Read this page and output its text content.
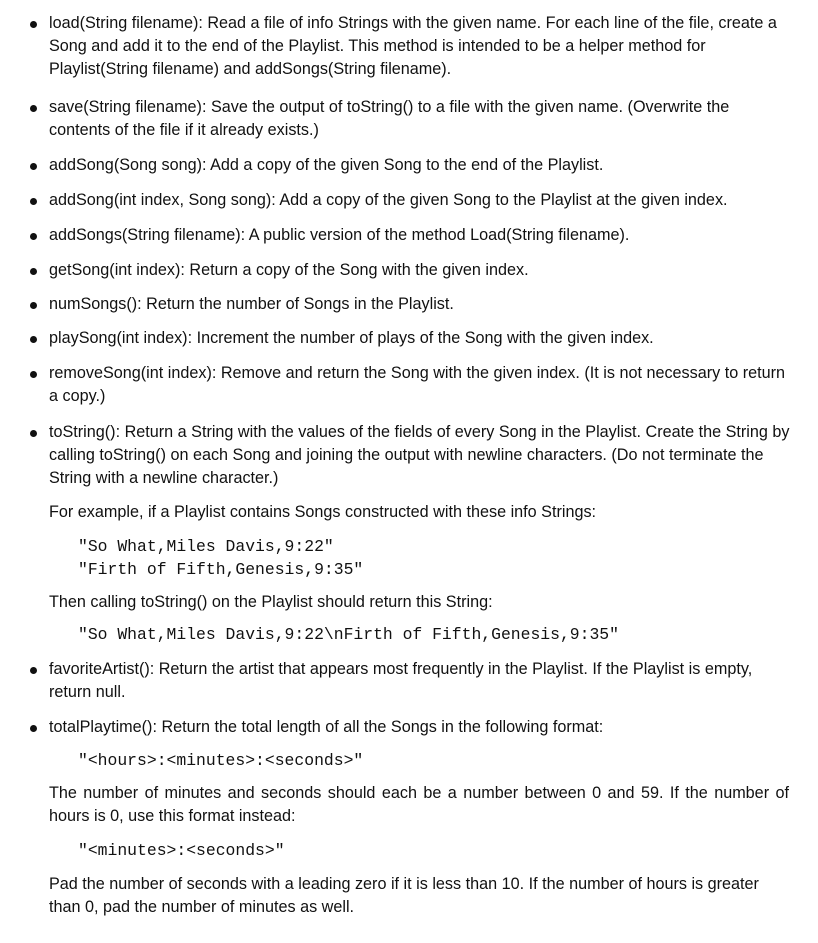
load(String filename): Read a file of info Strings with the given name. For each line of the file, create a Song and add it to the end of the Playlist. This method is intended to be a helper method for Playlist(String filename) and addSongs(String filename).
save(String filename): Save the output of toString() to a file with the given name. (Overwrite the contents of the file if it already exists.)
addSong(Song song): Add a copy of the given Song to the end of the Playlist.
addSong(int index, Song song): Add a copy of the given Song to the Playlist at the given index.
addSongs(String filename): A public version of the method Load(String filename).
getSong(int index): Return a copy of the Song with the given index.
numSongs(): Return the number of Songs in the Playlist.
playSong(int index): Increment the number of plays of the Song with the given index.
removeSong(int index): Remove and return the Song with the given index. (It is not necessary to return a copy.)
toString(): Return a String with the values of the fields of every Song in the Playlist. Create the String by calling toString() on each Song and joining the output with newline characters. (Do not terminate the String with a newline character.)
For example, if a Playlist contains Songs constructed with these info Strings:
"So What,Miles Davis,9:22"
"Firth of Fifth,Genesis,9:35"
Then calling toString() on the Playlist should return this String:
"So What,Miles Davis,9:22\nFirth of Fifth,Genesis,9:35"
favoriteArtist(): Return the artist that appears most frequently in the Playlist. If the Playlist is empty, return null.
totalPlaytime(): Return the total length of all the Songs in the following format:
"<hours>:<minutes>:<seconds>"
The number of minutes and seconds should each be a number between 0 and 59. If the number of hours is 0, use this format instead:
"<minutes>:<seconds>"
Pad the number of seconds with a leading zero if it is less than 10. If the number of hours is greater than 0, pad the number of minutes as well.
